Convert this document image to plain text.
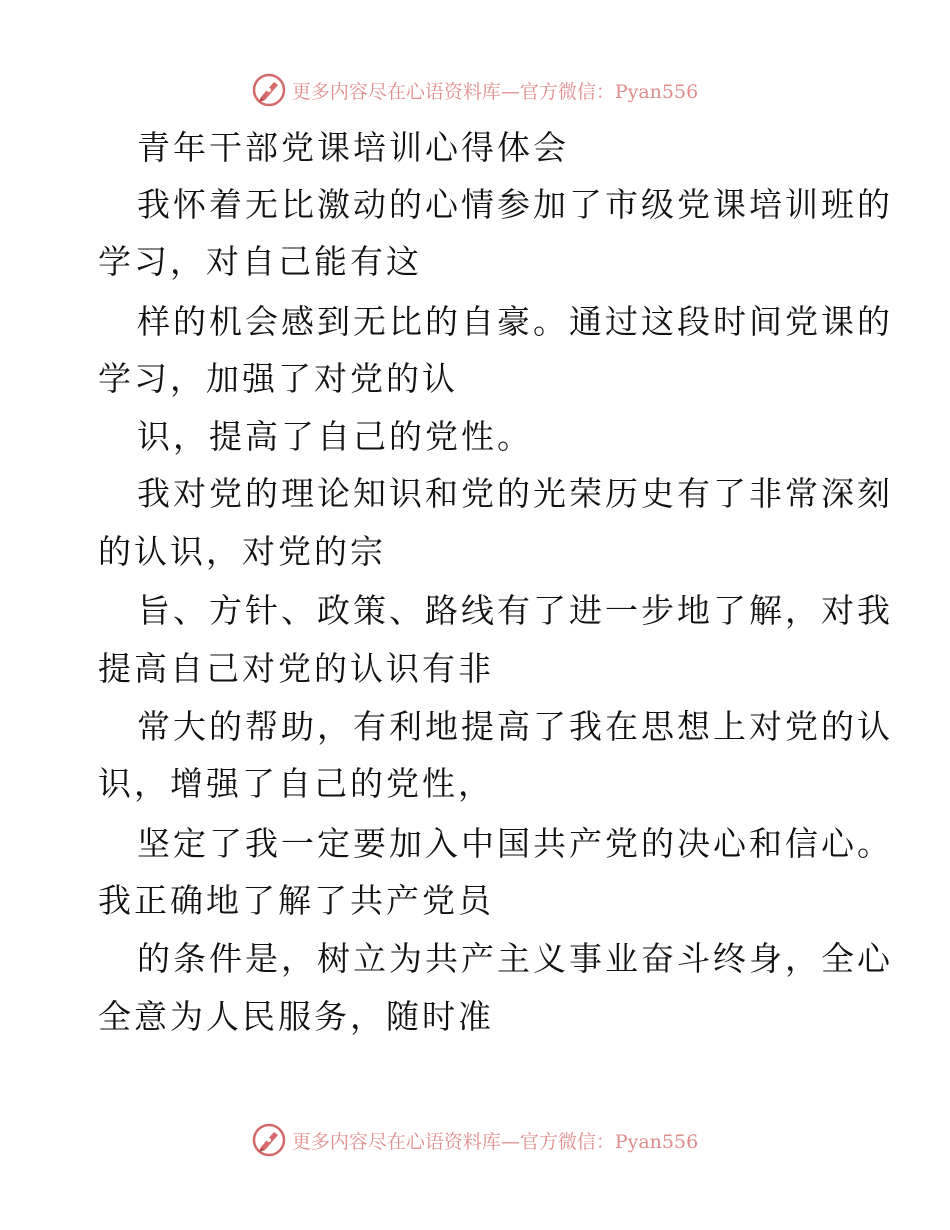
更多内容尽在心语资料库—官方微信：Pyan556
青年干部党课培训心得体会
我怀着无比激动的心情参加了市级党课培训班的
学习，对自己能有这
样的机会感到无比的自豪。通过这段时间党课的
学习，加强了对党的认
识，提高了自己的党性。
我对党的理论知识和党的光荣历史有了非常深刻
的认识，对党的宗
旨、方针、政策、路线有了进一步地了解，对我
提高自己对党的认识有非
常大的帮助，有利地提高了我在思想上对党的认
识，增强了自己的党性，
坚定了我一定要加入中国共产党的决心和信心。
我正确地了解了共产党员
的条件是，树立为共产主义事业奋斗终身，全心
全意为人民服务，随时准
更多内容尽在心语资料库—官方微信：Pyan556
